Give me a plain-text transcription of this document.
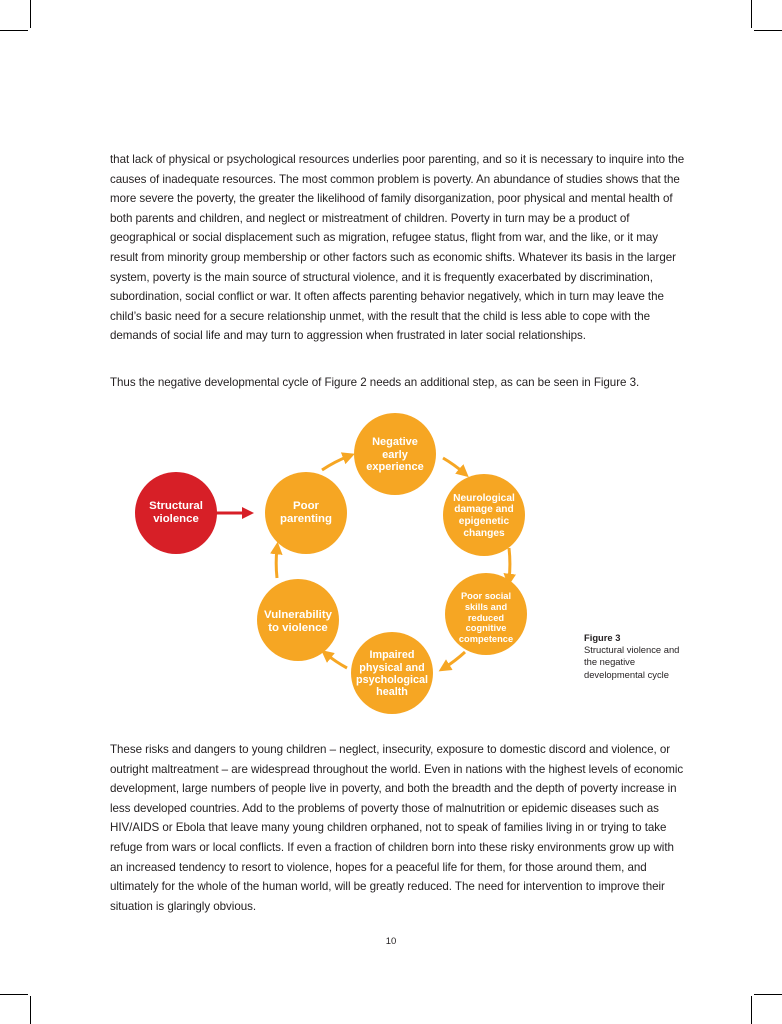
that lack of physical or psychological resources underlies poor parenting, and so it is necessary to inquire into the causes of inadequate resources. The most common problem is poverty. An abundance of studies shows that the more severe the poverty, the greater the likelihood of family disorganization, poor physical and mental health of both parents and children, and neglect or mistreatment of children. Poverty in turn may be a product of geographical or social displacement such as migration, refugee status, flight from war, and the like, or it may result from minority group membership or other factors such as economic shifts. Whatever its basis in the larger system, poverty is the main source of structural violence, and it is frequently exacerbated by discrimination, subordination, social conflict or war. It often affects parenting behavior negatively, which in turn may leave the child’s basic need for a secure relationship unmet, with the result that the child is less able to cope with the demands of social life and may turn to aggression when frustrated in later social relationships.

Thus the negative developmental cycle of Figure 2 needs an additional step, as can be seen in Figure 3.

Structural violence
Negative early experience
Neurological damage and epigenetic changes
Poor social skills and reduced cognitive competence
Impaired physical and psychological health
Vulnerability to violence
Poor parenting
Figure 3
Structural violence and the negative developmental cycle

These risks and dangers to young children – neglect, insecurity, exposure to domestic discord and violence, or outright maltreatment – are widespread throughout the world. Even in nations with the highest levels of economic development, large numbers of people live in poverty, and both the breadth and the depth of poverty increase in less developed countries. Add to the problems of poverty those of malnutrition or epidemic diseases such as HIV/AIDS or Ebola that leave many young children orphaned, not to speak of families living in or trying to take refuge from wars or local conflicts. If even a fraction of children born into these risky environments grow up with an increased tendency to resort to violence, hopes for a peaceful life for them, for those around them, and ultimately for the whole of the human world, will be greatly reduced. The need for intervention to improve their situation is glaringly obvious.

10
